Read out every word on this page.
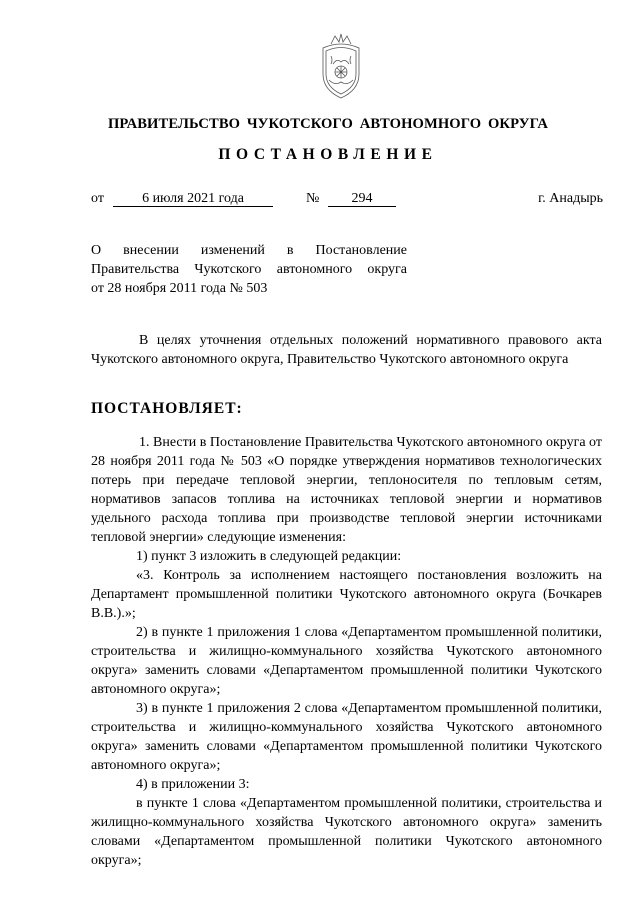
ПРАВИТЕЛЬСТВО ЧУКОТСКОГО АВТОНОМНОГО ОКРУГА
ПОСТАНОВЛЕНИЕ
от	6 июля 2021 года	№	294	г. Анадырь
О внесении изменений в Постановление
Правительства Чукотского автономного округа
от 28 ноября 2011 года № 503
В целях уточнения отдельных положений нормативного правового акта Чукотского автономного округа, Правительство Чукотского автономного округа
ПОСТАНОВЛЯЕТ:
1. Внести в Постановление Правительства Чукотского автономного округа от 28 ноября 2011 года № 503 «О порядке утверждения нормативов технологических потерь при передаче тепловой энергии, теплоносителя по тепловым сетям, нормативов запасов топлива на источниках тепловой энергии и нормативов удельного расхода топлива при производстве тепловой энергии источниками тепловой энергии» следующие изменения:
1) пункт 3 изложить в следующей редакции:
«3. Контроль за исполнением настоящего постановления возложить на Департамент промышленной политики Чукотского автономного округа (Бочкарев В.В.).»;
2) в пункте 1 приложения 1 слова «Департаментом промышленной политики, строительства и жилищно-коммунального хозяйства Чукотского автономного округа» заменить словами «Департаментом промышленной политики Чукотского автономного округа»;
3) в пункте 1 приложения 2 слова «Департаментом промышленной политики, строительства и жилищно-коммунального хозяйства Чукотского автономного округа» заменить словами «Департаментом промышленной политики Чукотского автономного округа»;
4) в приложении 3:
в пункте 1 слова «Департаментом промышленной политики, строительства и жилищно-коммунального хозяйства Чукотского автономного округа» заменить словами «Департаментом промышленной политики Чукотского автономного округа»;
